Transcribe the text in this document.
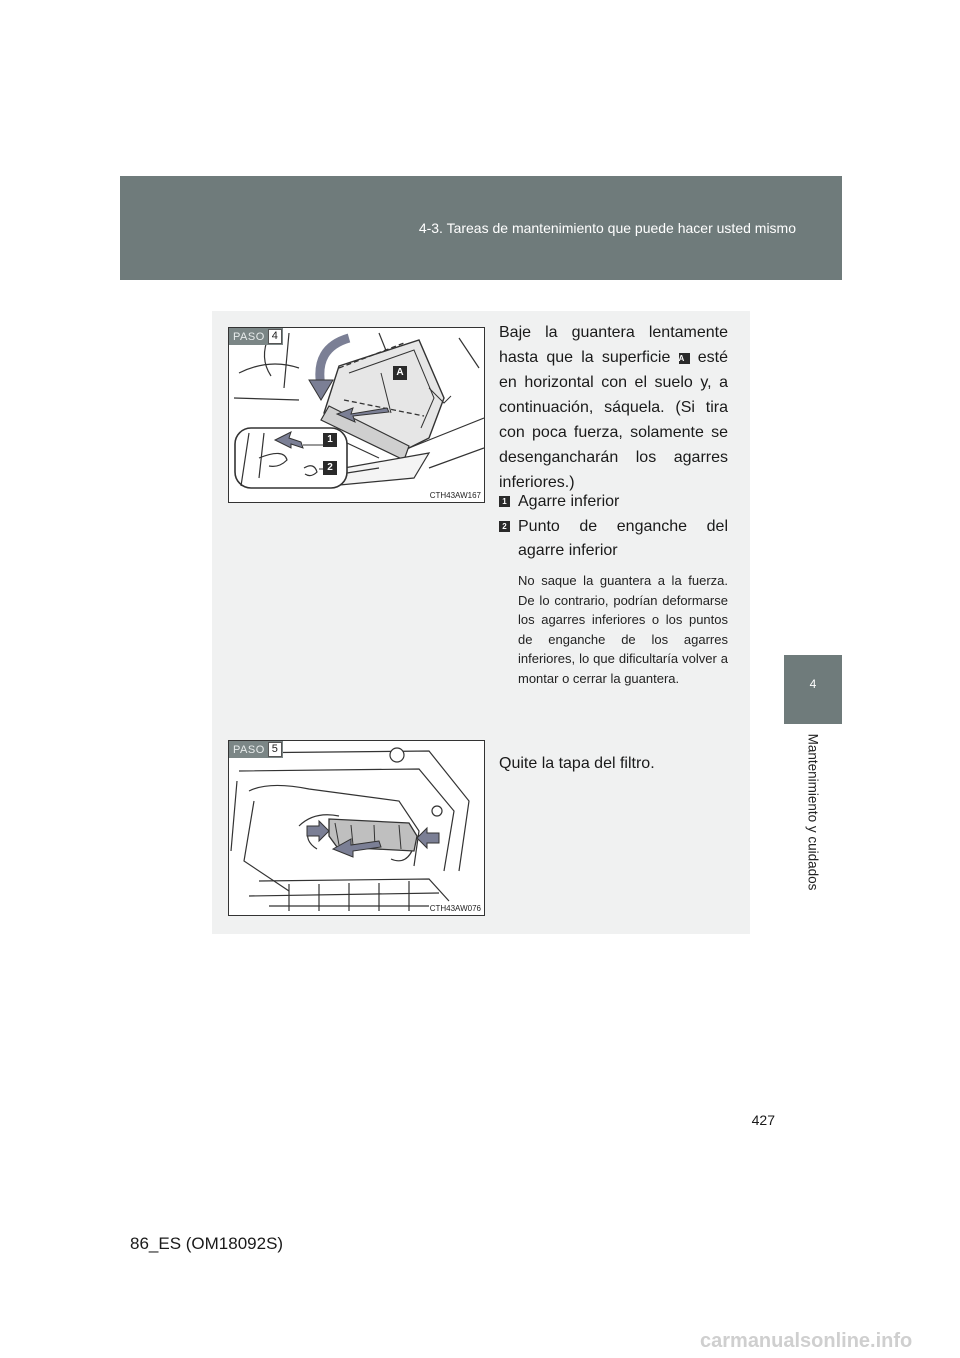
4-3. Tareas de mantenimiento que puede hacer usted mismo
4
Mantenimiento y cuidados
PASO 4
A
1
2
CTH43AW167
Baje la guantera lentamente hasta que la superficie A esté en horizontal con el suelo y, a continuación, sáquela. (Si tira con poca fuerza, solamente se desengancharán los agarres inferiores.)
1 Agarre inferior
2 Punto de enganche del agarre inferior
No saque la guantera a la fuerza. De lo contrario, podrían deformarse los agarres inferiores o los puntos de enganche de los agarres inferiores, lo que dificultaría volver a montar o cerrar la guantera.
PASO 5
CTH43AW076
Quite la tapa del filtro.
427
86_ES (OM18092S)
carmanualsonline.info
